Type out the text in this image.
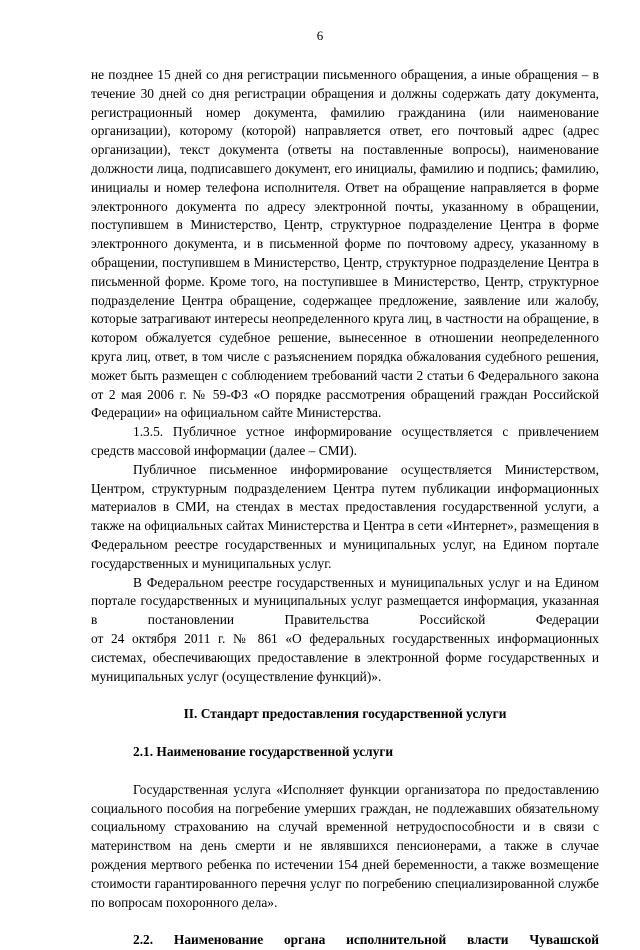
6

не позднее 15 дней со дня регистрации письменного обращения, а иные обращения – в течение 30 дней со дня регистрации обращения и должны содержать дату документа, регистрационный номер документа, фамилию гражданина (или наименование организации), которому (которой) направляется ответ, его почтовый адрес (адрес организации), текст документа (ответы на поставленные вопросы), наименование должности лица, подписавшего документ, его инициалы, фамилию и подпись; фамилию, инициалы и номер телефона исполнителя. Ответ на обращение направляется в форме электронного документа по адресу электронной почты, указанному в обращении, поступившем в Министерство, Центр, структурное подразделение Центра в форме электронного документа, и в письменной форме по почтовому адресу, указанному в обращении, поступившем в Министерство, Центр, структурное подразделение Центра в письменной форме. Кроме того, на поступившее в Министерство, Центр, структурное подразделение Центра обращение, содержащее предложение, заявление или жалобу, которые затрагивают интересы неопределенного круга лиц, в частности на обращение, в котором обжалуется судебное решение, вынесенное в отношении неопределенного круга лиц, ответ, в том числе с разъяснением порядка обжалования судебного решения, может быть размещен с соблюдением требований части 2 статьи 6 Федерального закона от 2 мая 2006 г. № 59-ФЗ «О порядке рассмотрения обращений граждан Российской Федерации» на официальном сайте Министерства.

1.3.5. Публичное устное информирование осуществляется с привлечением средств массовой информации (далее – СМИ).

Публичное письменное информирование осуществляется Министерством, Центром, структурным подразделением Центра путем публикации информационных материалов в СМИ, на стендах в местах предоставления государственной услуги, а также на официальных сайтах Министерства и Центра в сети «Интернет», размещения в Федеральном реестре государственных и муниципальных услуг, на Едином портале государственных и муниципальных услуг.

В Федеральном реестре государственных и муниципальных услуг и на Едином портале государственных и муниципальных услуг размещается информация, указанная в постановлении Правительства Российской Федерации

от 24 октября 2011 г. № 861 «О федеральных государственных информационных системах, обеспечивающих предоставление в электронной форме государственных и муниципальных услуг (осуществление функций)».

II. Стандарт предоставления государственной услуги

2.1. Наименование государственной услуги

Государственная услуга «Исполняет функции организатора по предоставлению социального пособия на погребение умерших граждан, не подлежавших обязательному социальному страхованию на случай временной нетрудоспособности и в связи с материнством на день смерти и не являвшихся пенсионерами, а также в случае рождения мертвого ребенка по истечении 154 дней беременности, а также возмещение стоимости гарантированного перечня услуг по погребению специализированной службе по вопросам похоронного дела».

2.2. Наименование органа исполнительной власти Чувашской
